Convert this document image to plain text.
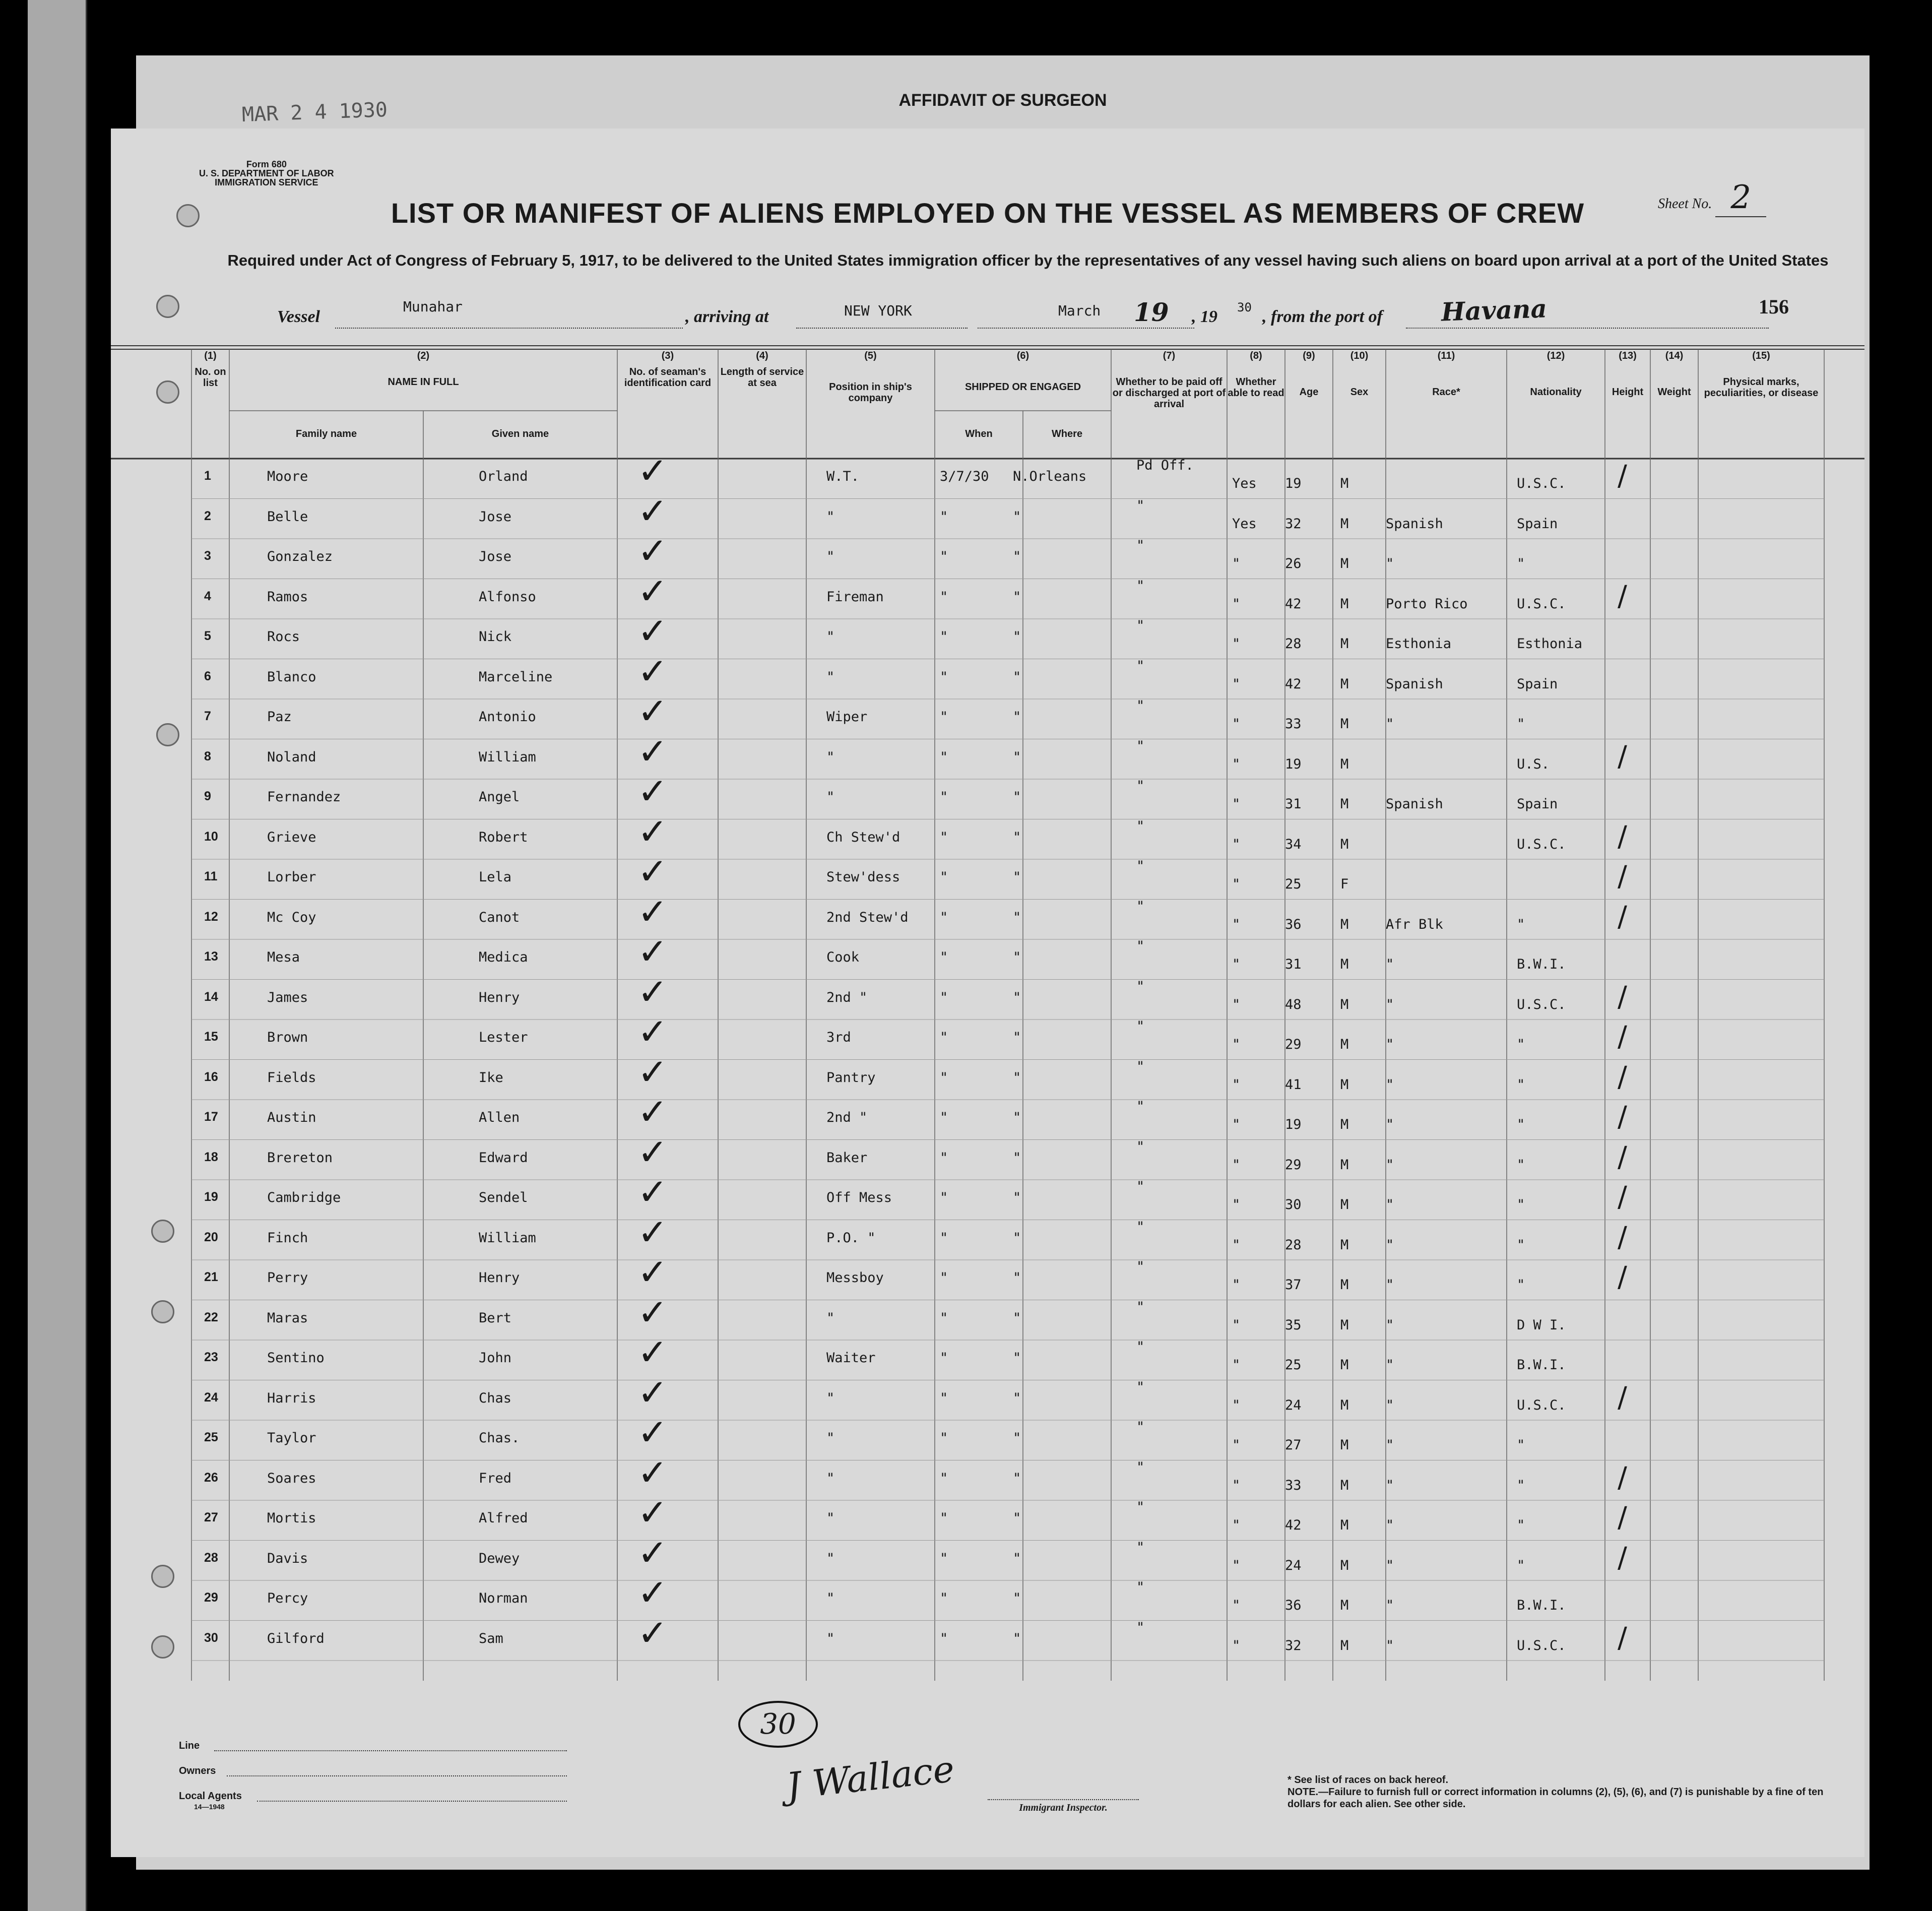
AFFIDAVIT OF SURGEON
MAR 2 4 1930
Form 680
U. S. DEPARTMENT OF LABOR
IMMIGRATION SERVICE
Sheet No. 2
LIST OR MANIFEST OF ALIENS EMPLOYED ON THE VESSEL AS MEMBERS OF CREW
Required under Act of Congress of February 5, 1917, to be delivered to the United States immigration officer by the representatives of any vessel having such aliens on board upon arrival at a port of the United States
156
Vessel
Munahar
, arriving at	NEW YORK	March 19 , 19 30 , from the port of Havana
(1)
No. on list
(2)
NAME IN FULL
Family name	Given name
(3)
No. of seaman's identification card
(4)
Length of service at sea
(5)
Position in ship's company
(6)
SHIPPED OR ENGAGED
When	Where
(7)
Whether to be paid off or discharged at port of arrival
(8)
Whether able to read
(9)
Age
(10)
Sex
(11)
Race*
(12)
Nationality
(13)
Height
(14)
Weight
(15)
Physical marks, peculiarities, or disease
1	Moore	Orland	✓	W.T.	3/7/30 N.Orleans
Pd Off.
Yes 19	M	U.S.C. /
2	Belle	Jose	✓	"	"	"
"
Yes 32	M	Spanish	Spain
3	Gonzalez	Jose	✓	"	"	"
"
"	26	M	"	"
4	Ramos	Alfonso	✓	Fireman	"	"
"
"	42	M	Porto Rico	U.S.C. /
5	Rocs	Nick	✓	"	"	"
"
"	28	M	Esthonia	Esthonia
6	Blanco	Marceline ✓	"	"	"
"
"	42	M	Spanish	Spain
7	Paz	Antonio	✓	Wiper	"	"
"
"	33	M	"	"
8	Noland	William	✓	"	"	"
"
"	19	M	U.S. /
9	Fernandez	Angel	✓	"	"	"
"
"	31	M	Spanish	Spain
10	Grieve	Robert	✓	Ch Stew'd	"	"
"
"	34	M	U.S.C. /
11	Lorber	Lela	✓	Stew'dess	"	"
"
"	25	F	/
12	Mc Coy	Canot	✓	2nd Stew'd "	"
"
"	36	M	Afr Blk	"	/
13	Mesa	Medica	✓	Cook	"	"
"
"	31	M	"	B.W.I.
14	James	Henry	✓	2nd "	"	"
"
"	48	M	"	U.S.C. /
15	Brown	Lester	✓	3rd	"	"
"
"	29	M	"	"	/
16	Fields	Ike	✓	Pantry	"	"
"
"	41	M	"	"	/
17	Austin	Allen	✓	2nd "	"	"
"
"	19	M	"	"	/
18	Brereton	Edward	✓	Baker	"	"
"
"	29	M	"	"	/
19	Cambridge	Sendel	✓	Off Mess	"	"
"
"	30	M	"	"	/
20	Finch	William	✓	P.O. "	"	"
"
"	28	M	"	"	/
21	Perry	Henry	✓	Messboy	"	"
"
"	37	M	"	"	/
22	Maras	Bert	✓	"	"	"
"
"	35	M	"	D W I.
23	Sentino	John	✓	Waiter	"	"
"
"	25	M	"	B.W.I.
24	Harris	Chas	✓	"	"	"
"
"	24	M	"	U.S.C. /
25	Taylor	Chas.	✓	"	"	"
"
"	27	M	"	"
26	Soares	Fred	✓	"	"	"
"
"	33	M	"	"	/
27	Mortis	Alfred	✓	"	"	"
"
"	42	M	"	"	/
28	Davis	Dewey	✓	"	"	"
"
"	24	M	"	"	/
29	Percy	Norman	✓	"	"	"
"
"	36	M	"	B.W.I.
30	Gilford	Sam	✓	"	"	"
"
"	32	M	"	U.S.C. /
Line
Owners
Local Agents
14—1948
30
J Wallace
Immigrant Inspector.
* See list of races on back hereof.
NOTE.—Failure to furnish full or correct information in columns (2), (5), (6), and (7) is punishable by a fine of ten dollars for each alien. See other side.
